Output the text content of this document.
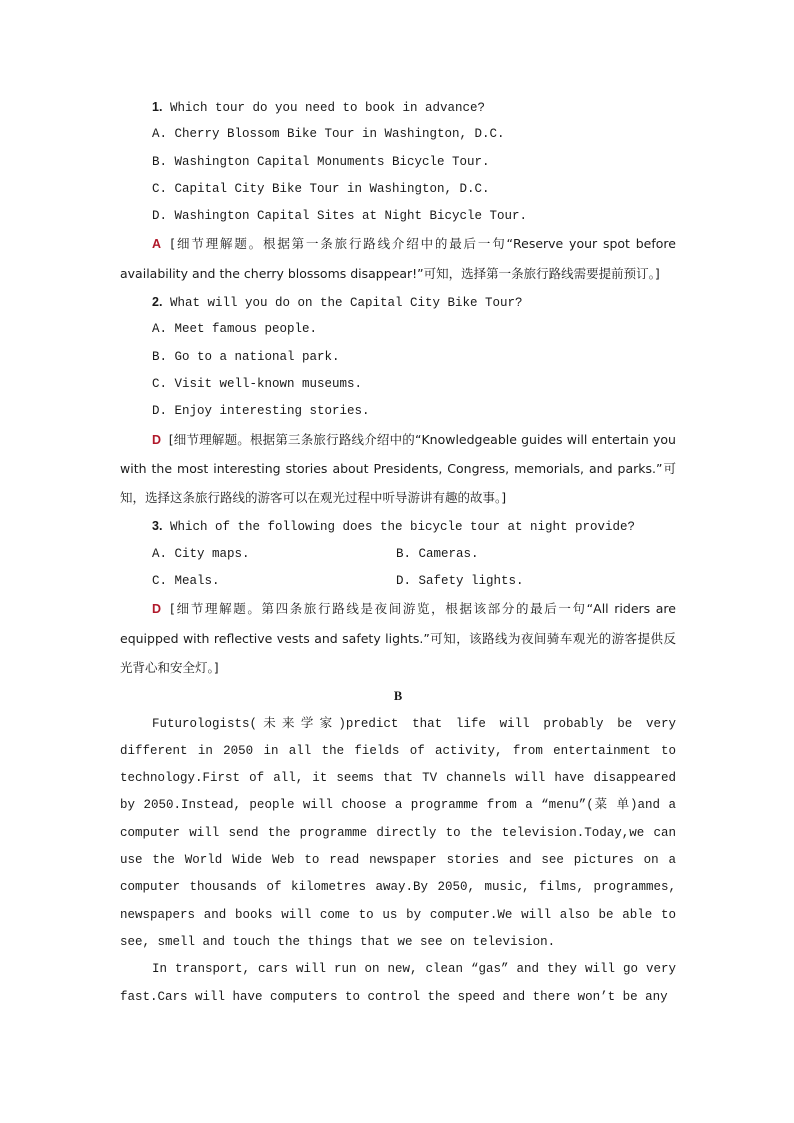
1. Which tour do you need to book in advance?
A. Cherry Blossom Bike Tour in Washington, D.C.
B. Washington Capital Monuments Bicycle Tour.
C. Capital City Bike Tour in Washington, D.C.
D. Washington Capital Sites at Night Bicycle Tour.

A [细节理解题。根据第一条旅行路线介绍中的最后一句“Reserve your spot before availability and the cherry blossoms disappear!”可知，选择第一条旅行路线需要提前预订。]

2. What will you do on the Capital City Bike Tour?
A. Meet famous people.
B. Go to a national park.
C. Visit well-known museums.
D. Enjoy interesting stories.

D [细节理解题。根据第三条旅行路线介绍中的“Knowledgeable guides will entertain you with the most interesting stories about Presidents, Congress, memorials, and parks.”可知，选择这条旅行路线的游客可以在观光过程中听导游讲有趣的故事。]

3. Which of the following does the bicycle tour at night provide?
A. City maps.	B. Cameras.
C. Meals.	D. Safety lights.

D [细节理解题。第四条旅行路线是夜间游览，根据该部分的最后一句“All riders are equipped with reflective vests and safety lights.”可知，该路线为夜间骑车观光的游客提供反光背心和安全灯。]

B

Futurologists(未来学家)predict that life will probably be very different in 2050 in all the fields of activity, from entertainment to technology.First of all, it seems that TV channels will have disappeared by 2050.Instead, people will choose a programme from a “menu”(菜 单)and a computer will send the programme directly to the television.Today,we can use the World Wide Web to read newspaper stories and see pictures on a computer thousands of kilometres away.By 2050, music, films, programmes, newspapers and books will come to us by computer.We will also be able to see, smell and touch the things that we see on television.

In transport, cars will run on new, clean “gas” and they will go very fast.Cars will have computers to control the speed and there won’t be any
